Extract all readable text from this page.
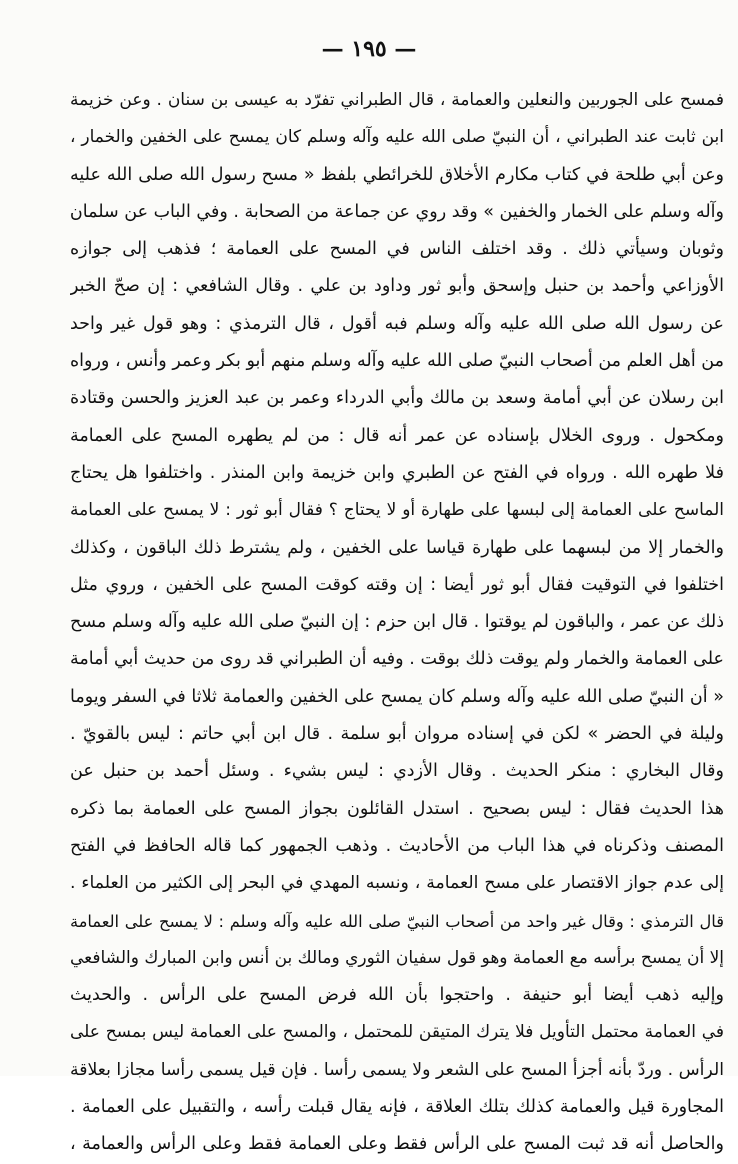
— ١٩٥ —
فمسح على الجوربين والنعلين والعمامة ، قال الطبراني تفرّد به عيسى بن سنان . وعن خزيمة
ابن ثابت عند الطبراني ، أن النبيّ صلى الله عليه وآله وسلم كان يمسح على الخفين والخمار ،
وعن أبي طلحة في كتاب مكارم الأخلاق للخرائطي بلفظ « مسح رسول الله صلى الله عليه
وآله وسلم على الخمار والخفين » وقد روي عن جماعة من الصحابة . وفي الباب عن سلمان
وثوبان وسيأتي ذلك . وقد اختلف الناس في المسح على العمامة ؛ فذهب إلى جوازه
الأوزاعي وأحمد بن حنبل وإسحق وأبو ثور وداود بن علي . وقال الشافعي : إن صحّ الخبر
عن رسول الله صلى الله عليه وآله وسلم فبه أقول ، قال الترمذي : وهو قول غير واحد
من أهل العلم من أصحاب النبيّ صلى الله عليه وآله وسلم منهم أبو بكر وعمر وأنس ، ورواه
ابن رسلان عن أبي أمامة وسعد بن مالك وأبي الدرداء وعمر بن عبد العزيز والحسن وقتادة
ومكحول . وروى الخلال بإسناده عن عمر أنه قال : من لم يطهره المسح على العمامة
فلا طهره الله . ورواه في الفتح عن الطبري وابن خزيمة وابن المنذر . واختلفوا هل يحتاج
الماسح على العمامة إلى لبسها على طهارة أو لا يحتاج ؟ فقال أبو ثور : لا يمسح على العمامة
والخمار إلا من لبسهما على طهارة قياسا على الخفين ، ولم يشترط ذلك الباقون ، وكذلك
اختلفوا في التوقيت فقال أبو ثور أيضا : إن وقته كوقت المسح على الخفين ، وروي مثل
ذلك عن عمر ، والباقون لم يوقتوا . قال ابن حزم : إن النبيّ صلى الله عليه وآله وسلم مسح
على العمامة والخمار ولم يوقت ذلك بوقت . وفيه أن الطبراني قد روى من حديث أبي أمامة
« أن النبيّ صلى الله عليه وآله وسلم كان يمسح على الخفين والعمامة ثلاثا في السفر ويوما
وليلة في الحضر » لكن في إسناده مروان أبو سلمة . قال ابن أبي حاتم : ليس بالقويّ .
وقال البخاري : منكر الحديث . وقال الأزدي : ليس بشيء . وسئل أحمد بن حنبل عن
هذا الحديث فقال : ليس بصحيح . استدل القائلون بجواز المسح على العمامة بما ذكره
المصنف وذكرناه في هذا الباب من الأحاديث . وذهب الجمهور كما قاله الحافظ في الفتح
إلى عدم جواز الاقتصار على مسح العمامة ، ونسبه المهدي في البحر إلى الكثير من العلماء .
قال الترمذي : وقال غير واحد من أصحاب النبيّ صلى الله عليه وآله وسلم : لا يمسح على العمامة
إلا أن يمسح برأسه مع العمامة وهو قول سفيان الثوري ومالك بن أنس وابن المبارك والشافعي
وإليه ذهب أيضا أبو حنيفة . واحتجوا بأن الله فرض المسح على الرأس . والحديث
في العمامة محتمل التأويل فلا يترك المتيقن للمحتمل ، والمسح على العمامة ليس بمسح على
الرأس . وردّ بأنه أجزأ المسح على الشعر ولا يسمى رأسا . فإن قيل يسمى رأسا مجازا بعلاقة
المجاورة قيل والعمامة كذلك بتلك العلاقة ، فإنه يقال قبلت رأسه ، والتقبيل على العمامة .
والحاصل أنه قد ثبت المسح على الرأس فقط وعلى العمامة فقط وعلى الرأس والعمامة ،
